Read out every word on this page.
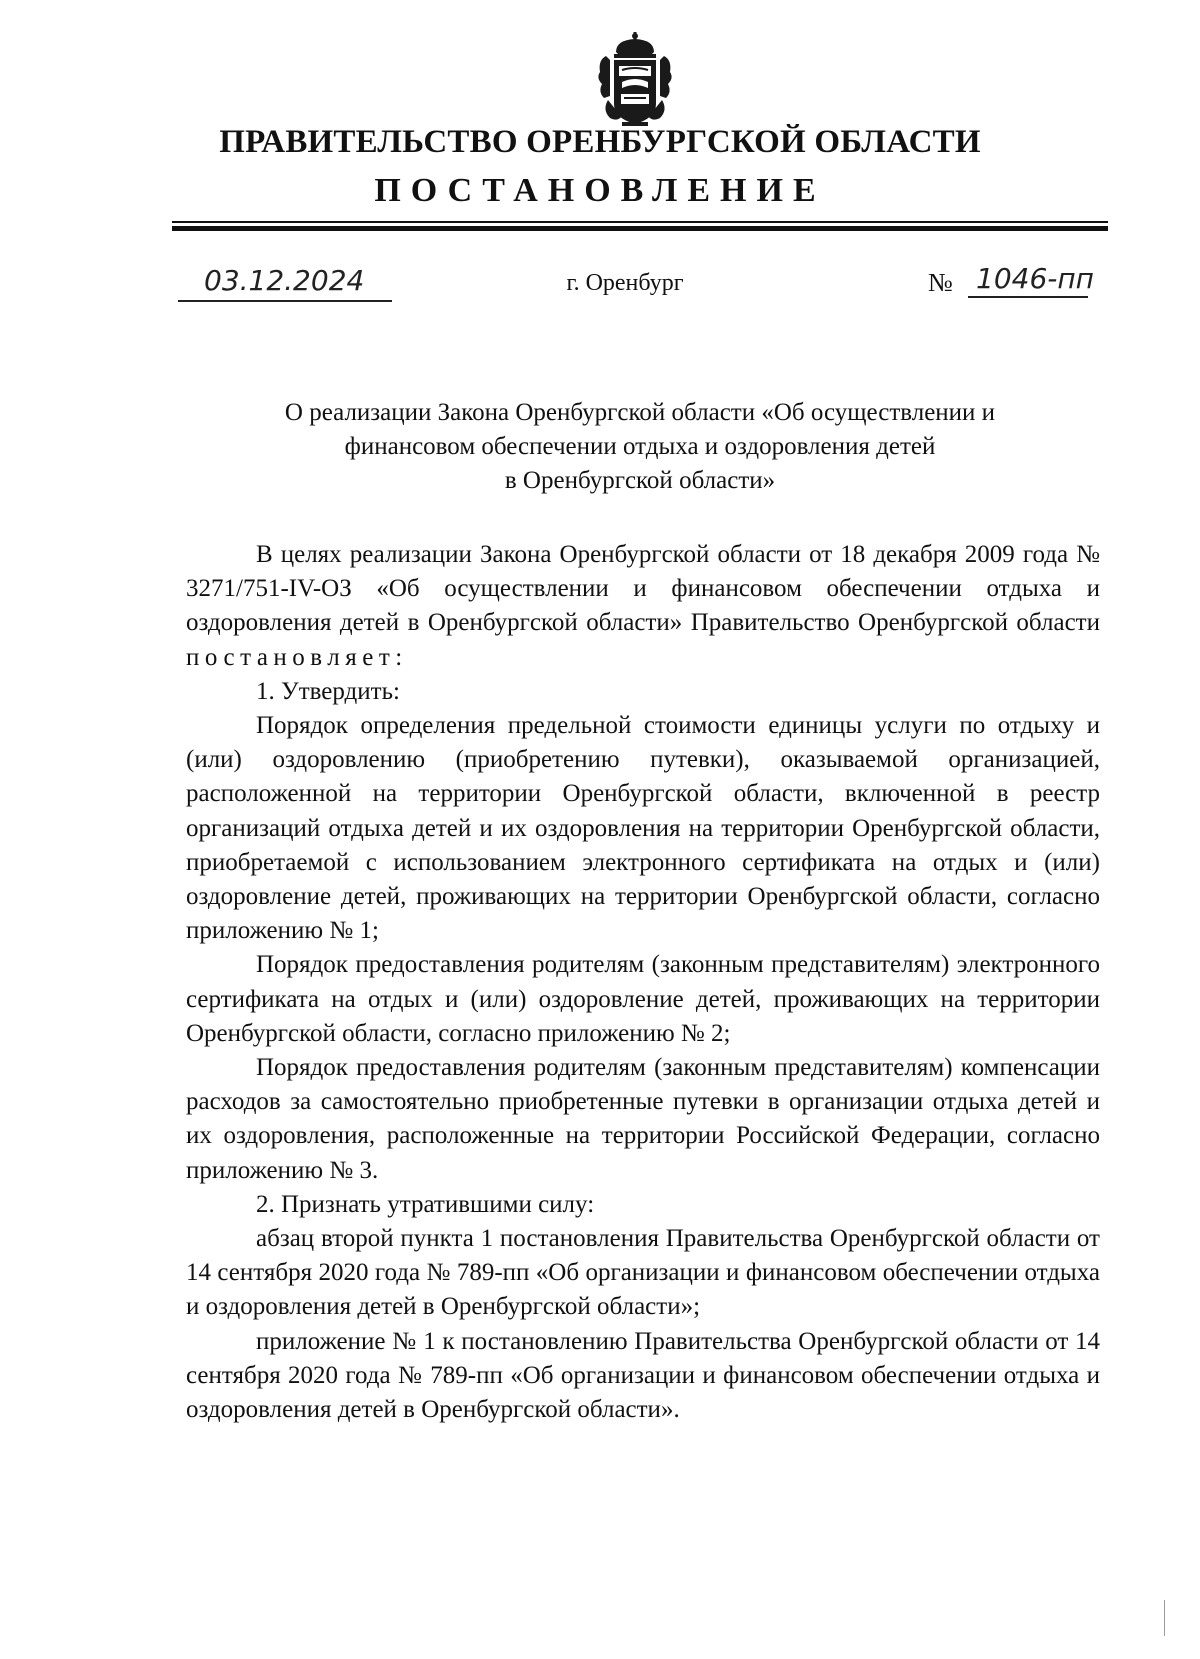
ПРАВИТЕЛЬСТВО ОРЕНБУРГСКОЙ ОБЛАСТИ
ПОСТАНОВЛЕНИЕ
03.12.2024	г. Оренбург	№ 1046-пп
О реализации Закона Оренбургской области «Об осуществлении и
финансовом обеспечении отдыха и оздоровления детей
в Оренбургской области»

В целях реализации Закона Оренбургской области от 18 декабря 2009 года № 3271/751-IV-ОЗ «Об осуществлении и финансовом обеспечении отдыха и оздоровления детей в Оренбургской области» Правительство Оренбургской области постановляет:

1. Утвердить:

Порядок определения предельной стоимости единицы услуги по отдыху и (или) оздоровлению (приобретению путевки), оказываемой организацией, расположенной на территории Оренбургской области, включенной в реестр организаций отдыха детей и их оздоровления на территории Оренбургской области, приобретаемой с использованием электронного сертификата на отдых и (или) оздоровление детей, проживающих на территории Оренбургской области, согласно приложению № 1;

Порядок предоставления родителям (законным представителям) электронного сертификата на отдых и (или) оздоровление детей, проживающих на территории Оренбургской области, согласно приложению № 2;

Порядок предоставления родителям (законным представителям) компенсации расходов за самостоятельно приобретенные путевки в организации отдыха детей и их оздоровления, расположенные на территории Российской Федерации, согласно приложению № 3.

2. Признать утратившими силу:

абзац второй пункта 1 постановления Правительства Оренбургской области от 14 сентября 2020 года № 789-пп «Об организации и финансовом обеспечении отдыха и оздоровления детей в Оренбургской области»;

приложение № 1 к постановлению Правительства Оренбургской области от 14 сентября 2020 года № 789-пп «Об организации и финансовом обеспечении отдыха и оздоровления детей в Оренбургской области».
